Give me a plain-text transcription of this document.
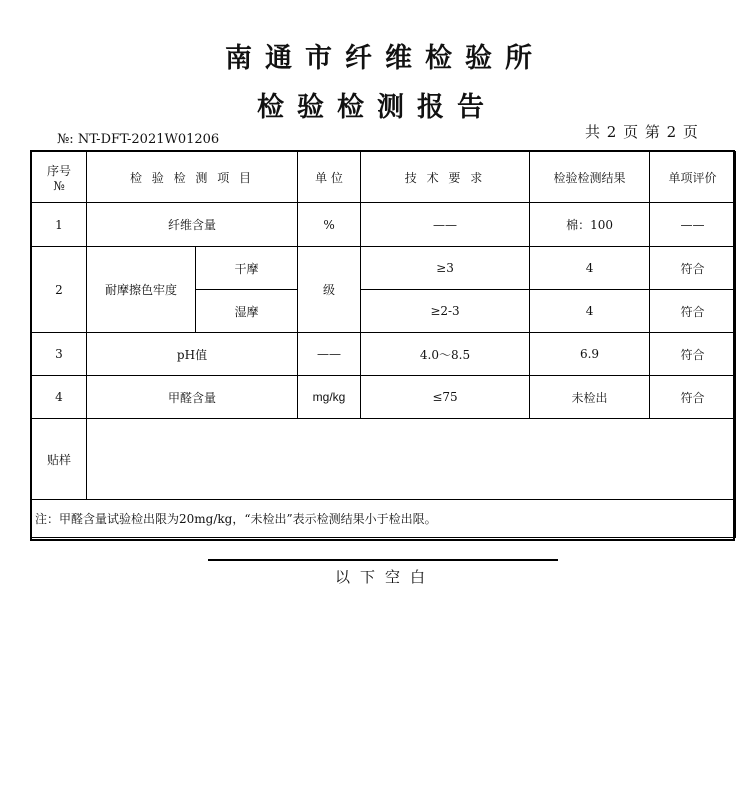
南通市纤维检验所
检验检测报告
№: NT-DFT-2021W01206	共 2 页 第 2 页
序号
№	检 验 检 测 项 目		单 位	技 术 要 求	检验检测结果	单项评价
1	纤维含量		%	——	棉：100	——
2	耐摩擦色牢度	干摩	级	≥3	4	符合
		湿摩		≥2-3	4	符合
3	pH值		——	4.0～8.5	6.9	符合
4	甲醛含量		mg/kg	≤75	未检出	符合
贴样						
注：甲醛含量试验检出限为20mg/kg，“未检出”表示检测结果小于检出限。						
以下空白
